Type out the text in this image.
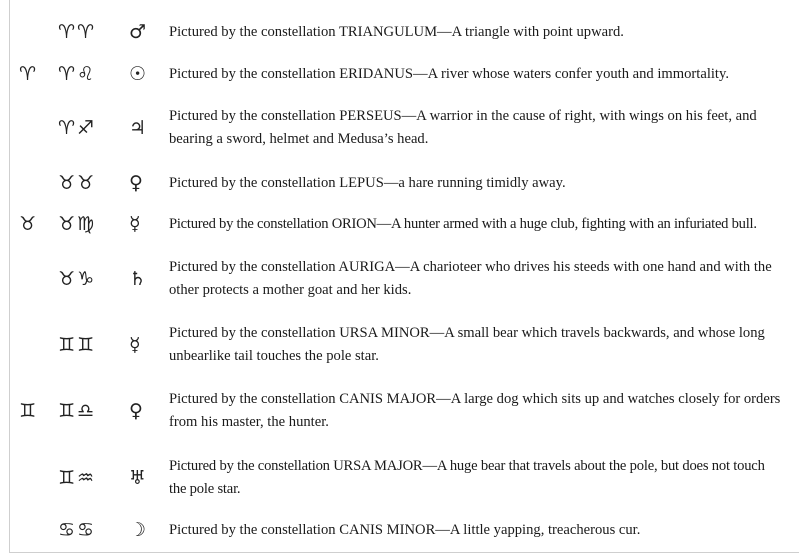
♈♈ ♂ Pictured by the constellation TRIANGULUM—A triangle with point upward.
♈ ♈♌ ☉ Pictured by the constellation ERIDANUS—A river whose waters confer youth and immortality.
♈♐ ♃
Pictured by the constellation PERSEUS—A warrior in the cause of right, with wings on his feet, and bearing a sword, helmet and Medusa’s head.
♉♉ ♀ Pictured by the constellation LEPUS—a hare running timidly away.
♉ ♉♍ ☿ Pictured by the constellation ORION—A hunter armed with a huge club, fighting with an infuriated bull.
♉♑ ♄
Pictured by the constellation AURIGA—A charioteer who drives his steeds with one hand and with the other protects a mother goat and her kids.
♊♊ ☿
Pictured by the constellation URSA MINOR—A small bear which travels backwards, and whose long unbearlike tail touches the pole star.
♊ ♊♎ ♀
Pictured by the constellation CANIS MAJOR—A large dog which sits up and watches closely for orders from his master, the hunter.
♊♒ ♅
Pictured by the constellation URSA MAJOR—A huge bear that travels about the pole, but does not touch the pole star.
♋♋ ☽ Pictured by the constellation CANIS MINOR—A little yapping, treacherous cur.
